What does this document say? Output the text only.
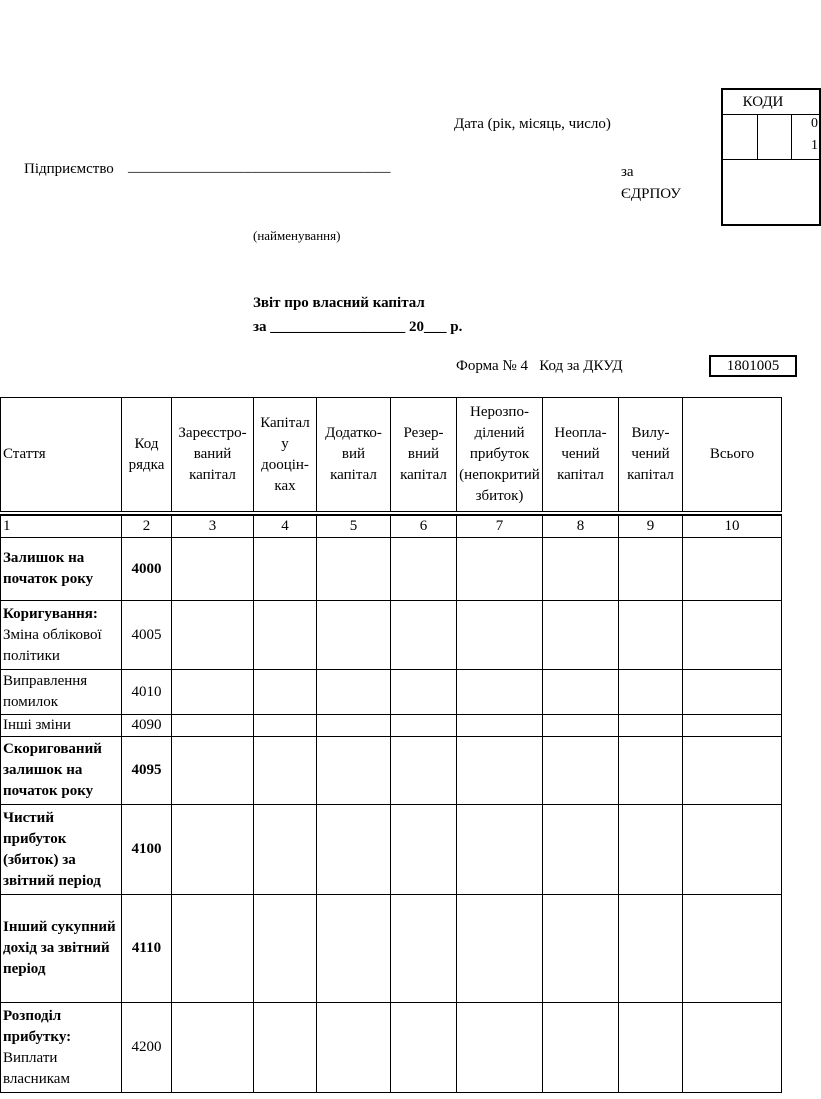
КОДИ
0
1
Дата (рік, місяць, число)
Підприємство ___________________________________	за ЄДРПОУ
(найменування)
Звіт про власний капітал
за __________________ 20___ р.
Форма № 4   Код за ДКУД	1801005
Стаття	Код рядка	Зареєстро-ваний капітал	Капітал у дооцін-ках	Додатко-вий капітал	Резер-вний капітал	Нерозпо-ділений прибуток (непокритий збиток)	Неопла-чений капітал	Вилу-чений капітал	Всього

1	2	3	4	5	6	7	8	9	10

Залишок на початок року	4000								

Коригування:
Зміна облікової політики	4005								

Виправлення помилок	4010								

Інші зміни	4090								

Скоригований залишок на початок року	4095								

Чистий прибуток (збиток) за звітний період	4100								

Інший сукупний дохід за звітний період	4110								

Розподіл прибутку:
Виплати власникам	4200								
